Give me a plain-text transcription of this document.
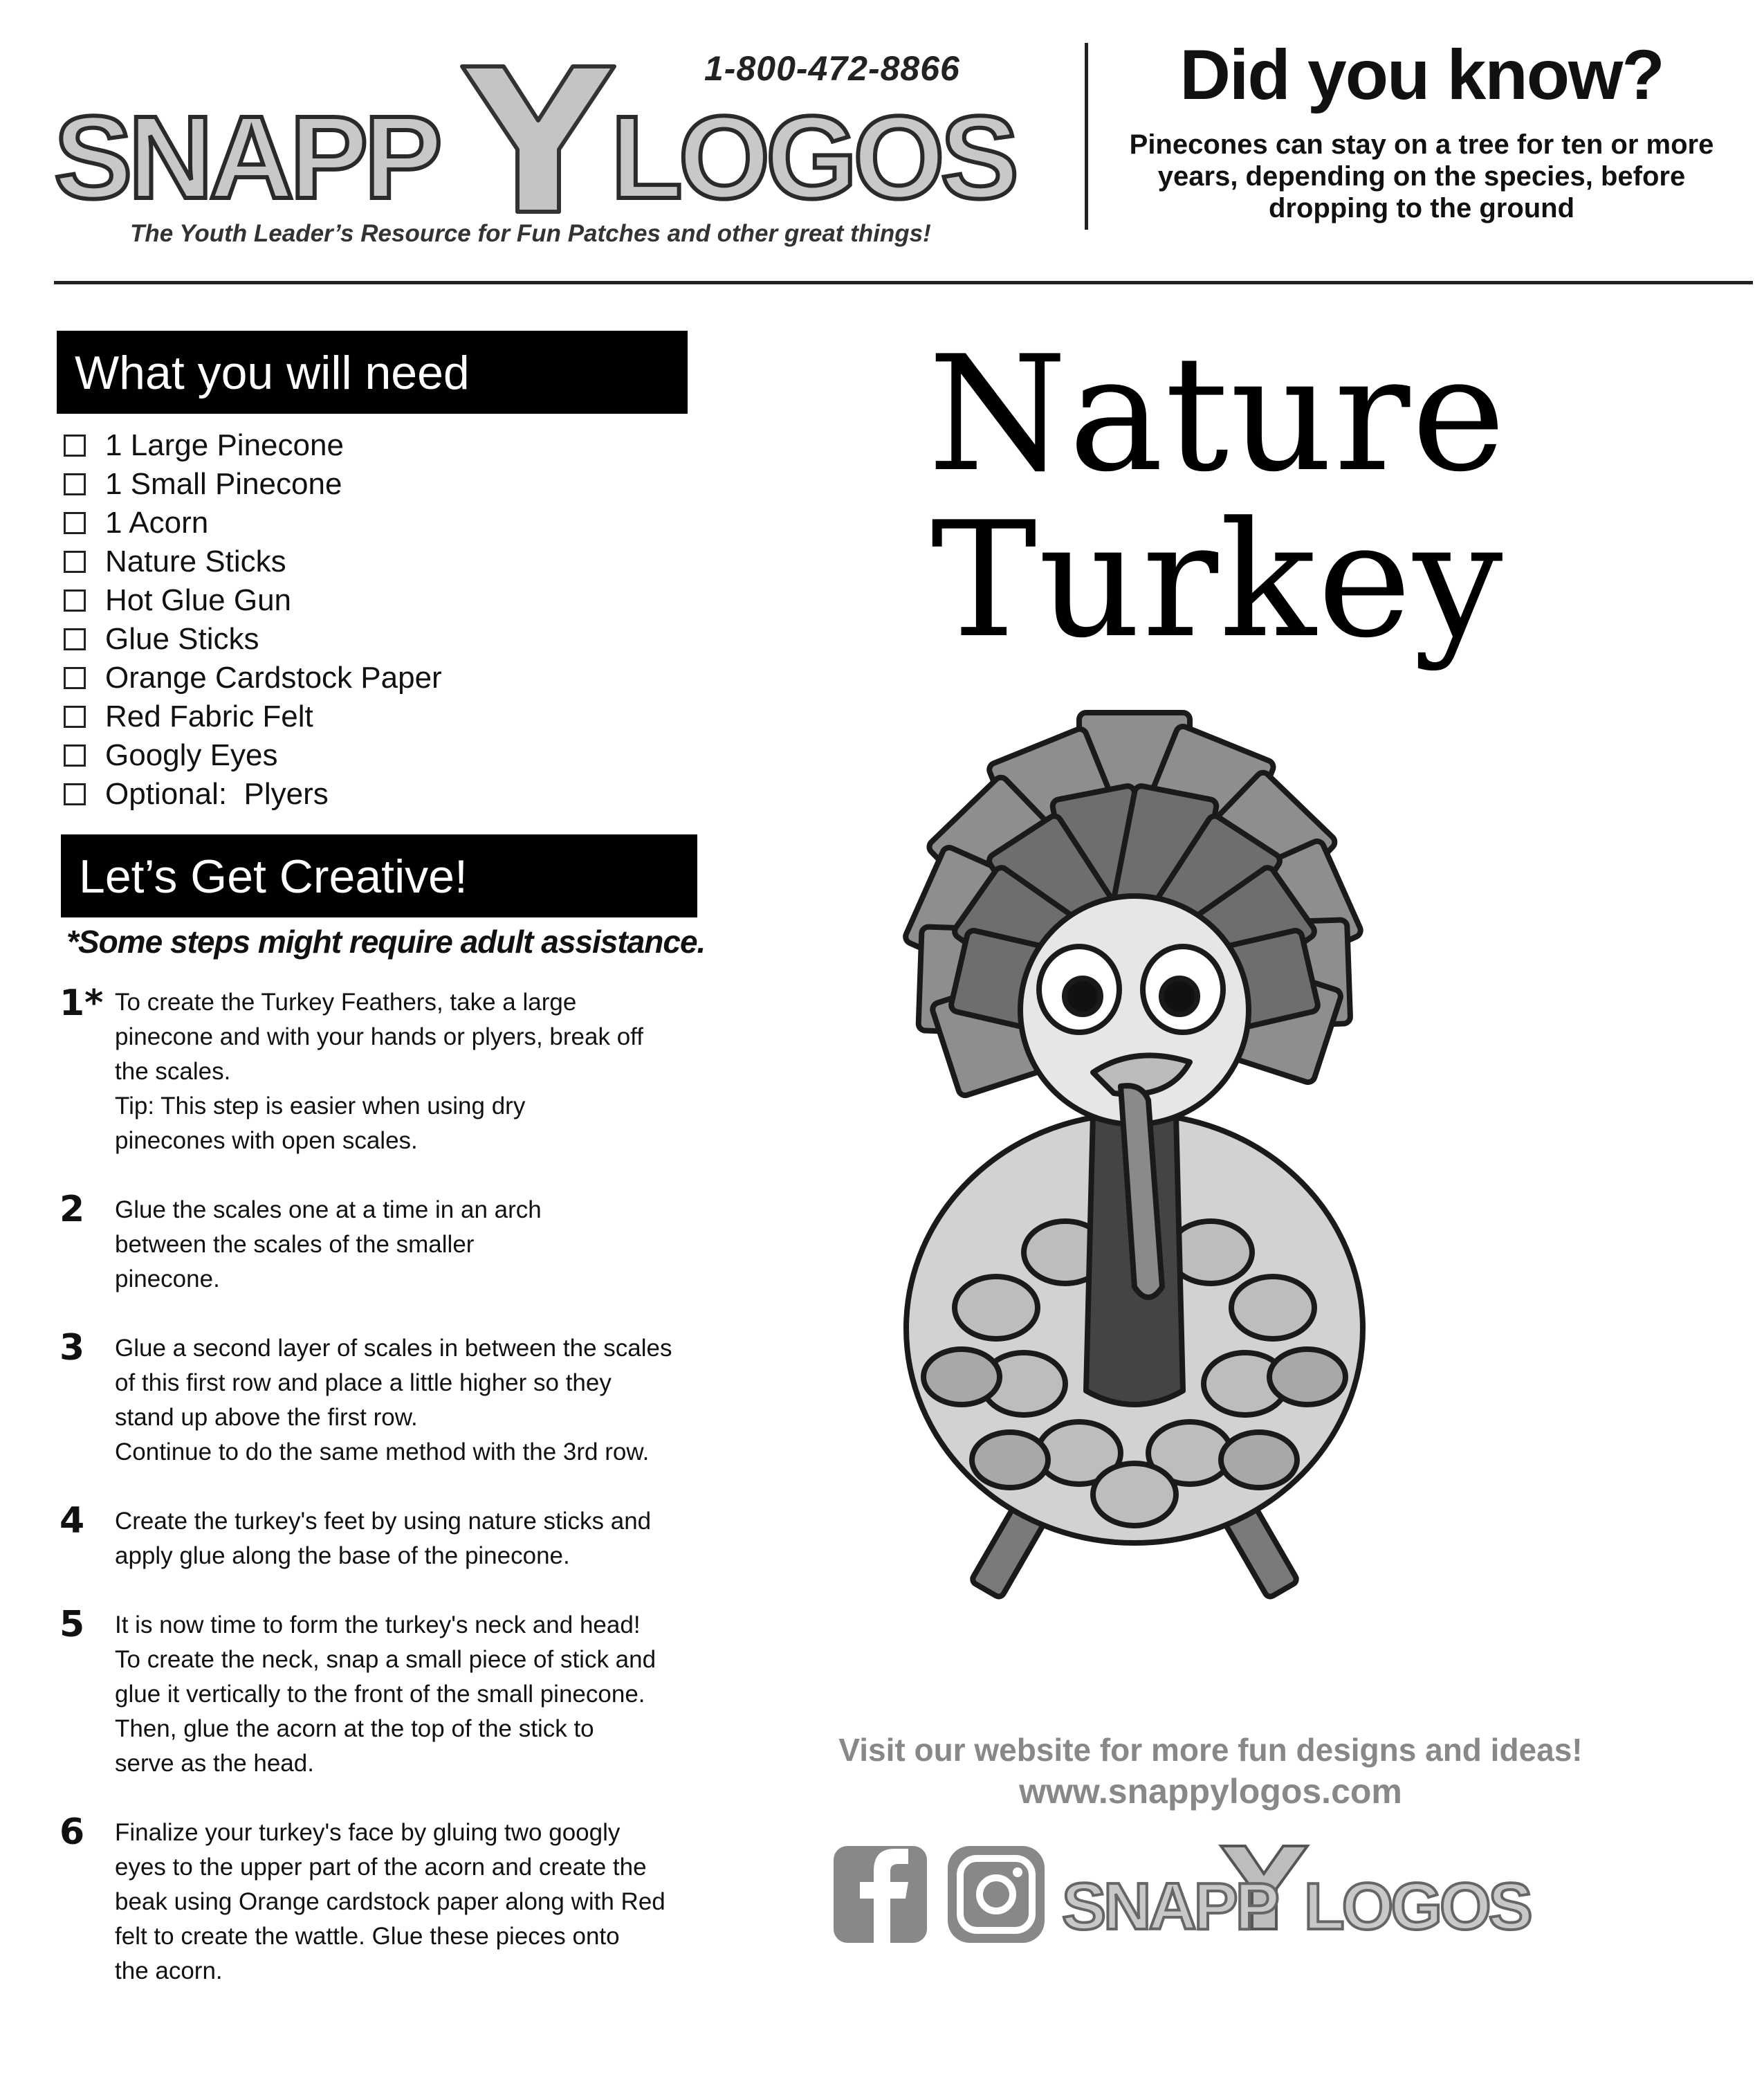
1-800-472-8866
SNAPP LOGOS
The Youth Leader’s Resource for Fun Patches and other great things!
Did you know?
Pinecones can stay on a tree for ten or more years, depending on the species, before dropping to the ground
What you will need
1 Large Pinecone
1 Small Pinecone
1 Acorn
Nature Sticks
Hot Glue Gun
Glue Sticks
Orange Cardstock Paper
Red Fabric Felt
Googly Eyes
Optional:  Plyers
Let’s Get Creative!
*Some steps might require adult assistance.
1* To create the Turkey Feathers, take a large

pinecone and with your hands or plyers, break off

the scales.

Tip: This step is easier when using dry

pinecones with open scales.

2 Glue the scales one at a time in an arch

between the scales of the smaller

pinecone.

3 Glue a second layer of scales in between the scales

of this first row and place a little higher so they

stand up above the first row.

Continue to do the same method with the 3rd row.

4 Create the turkey's feet by using nature sticks and

apply glue along the base of the pinecone.

5 It is now time to form the turkey's neck and head!

To create the neck, snap a small piece of stick and

glue it vertically to the front of the small pinecone.

Then, glue the acorn at the top of the stick to

serve as the head.

6 Finalize your turkey's face by gluing two googly

eyes to the upper part of the acorn and create the

beak using Orange cardstock paper along with Red

felt to create the wattle. Glue these pieces onto

the acorn.

Nature
Turkey
Visit our website for more fun designs and ideas!
www.snappylogos.com
SNAPP LOGOS
